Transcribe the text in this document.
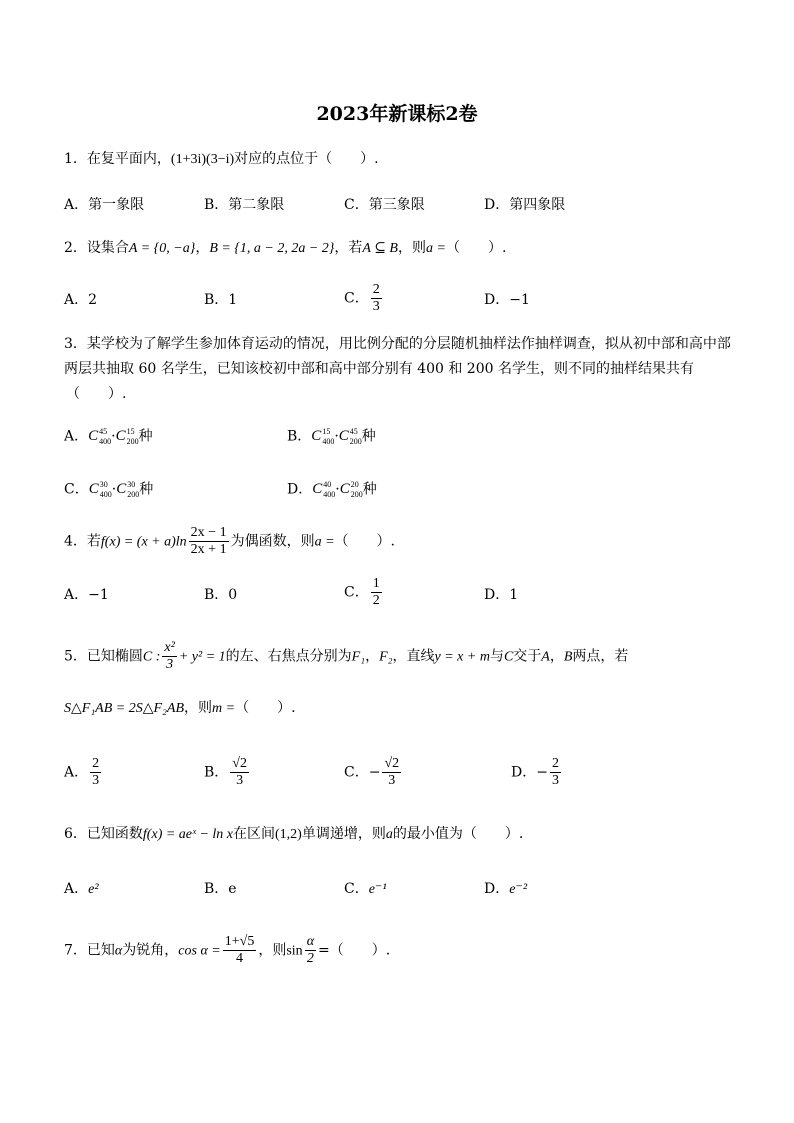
2023年新课标2卷
1．在复平面内，(1+3i)(3−i)对应的点位于（　　）.
A．第一象限	B．第二象限	C．第三象限	D．第四象限
2．设集合A = {0, −a}，B = {1, a − 2, 2a − 2}，若A ⊆ B，则a =（　　）.
A．2	B．1	C． $\frac{2}{3}$	D．−1
3．某学校为了解学生参加体育运动的情况，用比例分配的分层随机抽样法作抽样调查，拟从初中部和高中部
两层共抽取 60 名学生，已知该校初中部和高中部分别有 400 和 200 名学生，则不同的抽样结果共有
（　　）.
A．C 45
400 ·C 15
200 种	B．C 15
400 ·C 45
200 种
C．C 30
400 ·C 30
200 种	D．C 40
400 ·C 20
200 种
4．若$f(x) = (x + a)\ln \frac{2x - 1}{2x + 1}$ 为偶函数，则a =（　　）.
A．−1	B．0	C． $\frac{1}{2}$	D．1
5．已知椭圆C : $\frac{\text{x²}}{3} + y^2 = 1$的左、右焦点分别为F₁，F₂，直线y = x + m与C交于A，B两点，若
S△F₁AB = 2S△F₂AB，则m =（　　）.
A． $\frac{2}{3}$	B． $\frac{√2}{3}$	C．− $\frac{√2}{3}$	D．− $\frac{2}{3}$
6．已知函数f(x) = aeˣ − ln x在区间(1,2)单调递增，则a的最小值为（　　）.
A．e²	B．e	C．e⁻¹	D．e⁻²
7．已知α为锐角，$\cos \alpha = \frac{1+√5}{4}$ ，则$\sin \frac{\alpha}{2}$ =（　　）.
